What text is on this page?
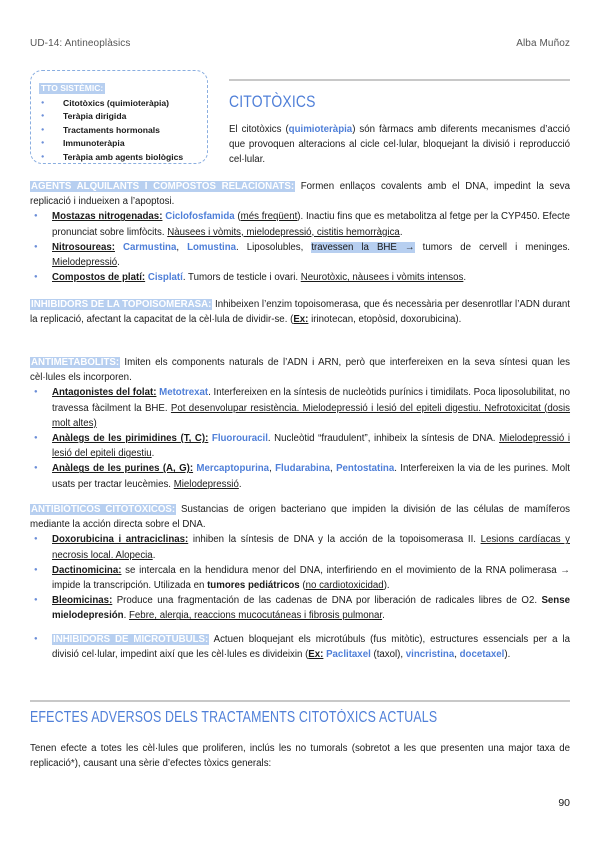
UD-14: Antineoplàsics	Alba Muñoz
TTO SISTÈMIC:
● Citotòxics (quimioteràpia)
● Teràpia dirigida
● Tractaments hormonals
● Immunoteràpia
● Teràpia amb agents biològics
CITOTÒXICS
El citotòxics (quimioteràpia) són fàrmacs amb diferents mecanismes d’acció que provoquen alteracions al cicle cel·lular, bloquejant la divisió i reproducció cel·lular.
AGENTS ALQUILANTS I COMPOSTOS RELACIONATS: Formen enllaços covalents amb el DNA, impedint la seva replicació i indueixen a l’apoptosi.
● Mostazas nitrogenadas: Ciclofosfamida (més freqüent). Inactiu fins que es metabolitza al fetge per la CYP450. Efecte pronunciat sobre limfòcits. Nàusees i vòmits, mielodepressió, cistitis hemorràgica.
● Nitrosoureas: Carmustina, Lomustina. Liposolubles, travessen la BHE → tumors de cervell i meninges. Mielodepressió.
● Compostos de platí: Cisplatí. Tumors de testicle i ovari. Neurotòxic, nàusees i vòmits intensos.
INHIBIDORS DE LA TOPOISOMERASA: Inhibeixen l’enzim topoisomerasa, que és necessària per desenrotllar l’ADN durant la replicació, afectant la capacitat de la cèl·lula de dividir-se. (Ex: irinotecan, etopòsid, doxorubicina).
ANTIMETABOLITS: Imiten els components naturals de l’ADN i ARN, però que interfereixen en la seva síntesi quan les cèl·lules els incorporen.
● Antagonistes del folat: Metotrexat. Interfereixen en la síntesis de nucleòtids purínics i timidilats. Poca liposolubilitat, no travessa fàcilment la BHE. Pot desenvolupar resistència. Mielodepressió i lesió del epiteli digestiu. Nefrotoxicitat (dosis molt altes)
● Anàlegs de les pirimidines (T, C): Fluorouracil. Nucleòtid “fraudulent”, inhibeix la síntesis de DNA. Mielodepressió i lesió del epiteli digestiu.
● Anàlegs de les purines (A, G): Mercaptopurina, Fludarabina, Pentostatina. Interfereixen la via de les purines. Molt usats per tractar leucèmies. Mielodepressió.
ANTIBIÓTICOS CITOTÓXICOS: Sustancias de origen bacteriano que impiden la división de las células de mamíferos mediante la acción directa sobre el DNA.
● Doxorubicina i antraciclinas: inhiben la síntesis de DNA y la acción de la topoisomerasa II. Lesions cardíacas y necrosis local. Alopecia.
● Dactinomicina: se intercala en la hendidura menor del DNA, interfiriendo en el movimiento de la RNA polimerasa → impide la transcripción. Utilizada en tumores pediátricos (no cardiotoxicidad).
● Bleomicinas: Produce una fragmentación de las cadenas de DNA por liberación de radicales libres de O2. Sense mielodepresión. Febre, alergia, reaccions mucocutáneas i fibrosis pulmonar.
● INHIBIDORS DE MICROTÚBULS: Actuen bloquejant els microtúbuls (fus mitòtic), estructures essencials per a la divisió cel·lular, impedint així que les cèl·lules es divideixin (Ex: Paclitaxel (taxol), vincristina, docetaxel).
EFECTES ADVERSOS DELS TRACTAMENTS CITOTÒXICS ACTUALS
Tenen efecte a totes les cèl·lules que proliferen, inclús les no tumorals (sobretot a les que presenten una major taxa de replicació*), causant una sèrie d’efectes tòxics generals:
90
